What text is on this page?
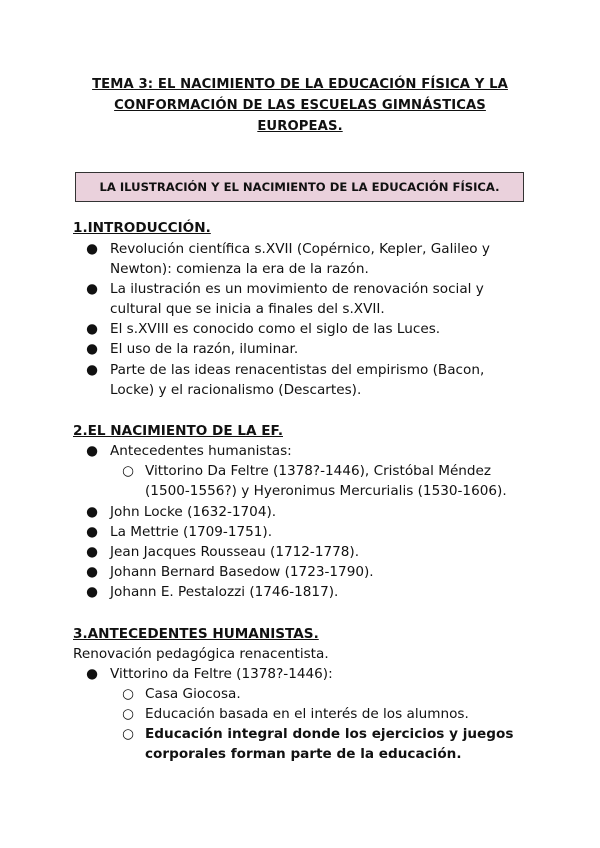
TEMA 3: EL NACIMIENTO DE LA EDUCACIÓN FÍSICA Y LA
CONFORMACIÓN DE LAS ESCUELAS GIMNÁSTICAS
EUROPEAS.
LA ILUSTRACIÓN Y EL NACIMIENTO DE LA EDUCACIÓN FÍSICA.
1.INTRODUCCIÓN.
● Revolución científica s.XVII (Copérnico, Kepler, Galileo y
Newton): comienza la era de la razón.
● La ilustración es un movimiento de renovación social y
cultural que se inicia a finales del s.XVII.
● El s.XVIII es conocido como el siglo de las Luces.
● El uso de la razón, iluminar.
● Parte de las ideas renacentistas del empirismo (Bacon,
Locke) y el racionalismo (Descartes).
2.EL NACIMIENTO DE LA EF.
● Antecedentes humanistas:
○ Vittorino Da Feltre (1378?-1446), Cristóbal Méndez
(1500-1556?) y Hyeronimus Mercurialis (1530-1606).
● John Locke (1632-1704).
● La Mettrie (1709-1751).
● Jean Jacques Rousseau (1712-1778).
● Johann Bernard Basedow (1723-1790).
● Johann E. Pestalozzi (1746-1817).
3.ANTECEDENTES HUMANISTAS.
Renovación pedagógica renacentista.
● Vittorino da Feltre (1378?-1446):
○ Casa Giocosa.
○ Educación basada en el interés de los alumnos.
○ Educación integral donde los ejercicios y juegos
corporales forman parte de la educación.
